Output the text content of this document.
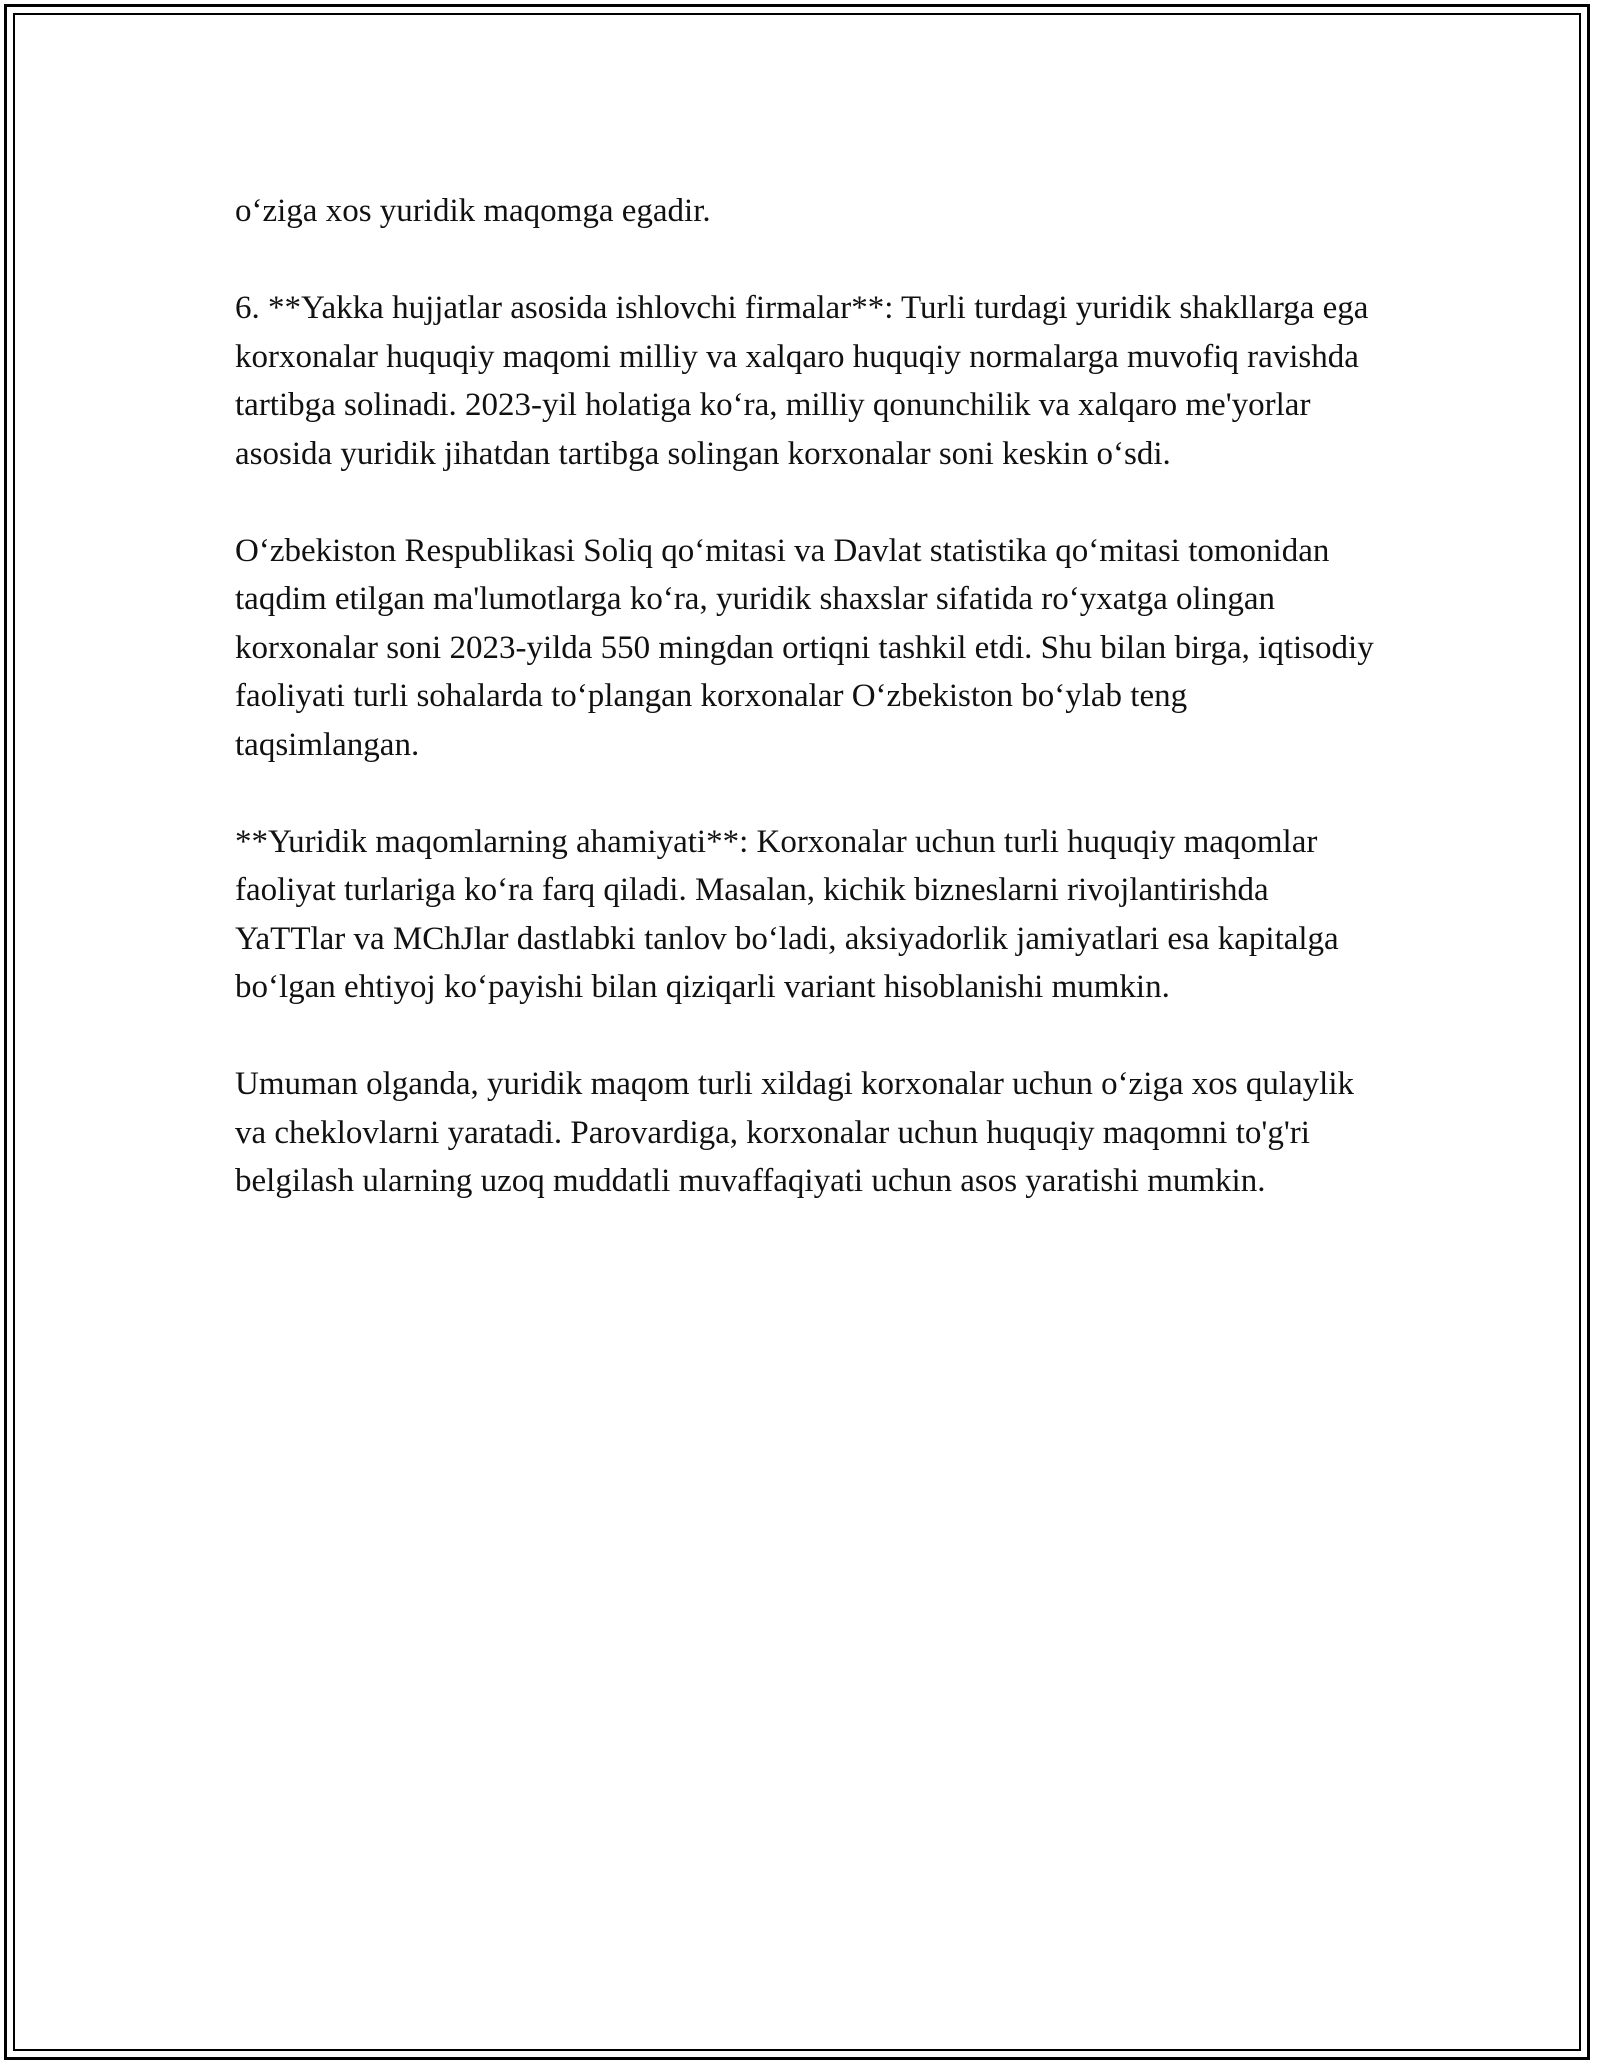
o‘ziga xos yuridik maqomga egadir.

6. **Yakka hujjatlar asosida ishlovchi firmalar**: Turli turdagi yuridik shakllarga ega korxonalar huquqiy maqomi milliy va xalqaro huquqiy normalarga muvofiq ravishda tartibga solinadi. 2023-yil holatiga ko‘ra, milliy qonunchilik va xalqaro me'yorlar asosida yuridik jihatdan tartibga solingan korxonalar soni keskin o‘sdi.

O‘zbekiston Respublikasi Soliq qo‘mitasi va Davlat statistika qo‘mitasi tomonidan taqdim etilgan ma'lumotlarga ko‘ra, yuridik shaxslar sifatida ro‘yxatga olingan korxonalar soni 2023-yilda 550 mingdan ortiqni tashkil etdi. Shu bilan birga, iqtisodiy faoliyati turli sohalarda to‘plangan korxonalar O‘zbekiston bo‘ylab teng taqsimlangan.

**Yuridik maqomlarning ahamiyati**: Korxonalar uchun turli huquqiy maqomlar faoliyat turlariga ko‘ra farq qiladi. Masalan, kichik bizneslarni rivojlantirishda YaTTlar va MChJlar dastlabki tanlov bo‘ladi, aksiyadorlik jamiyatlari esa kapitalga bo‘lgan ehtiyoj ko‘payishi bilan qiziqarli variant hisoblanishi mumkin.

Umuman olganda, yuridik maqom turli xildagi korxonalar uchun o‘ziga xos qulaylik va cheklovlarni yaratadi. Parovardiga, korxonalar uchun huquqiy maqomni to'g'ri belgilash ularning uzoq muddatli muvaffaqiyati uchun asos yaratishi mumkin.
